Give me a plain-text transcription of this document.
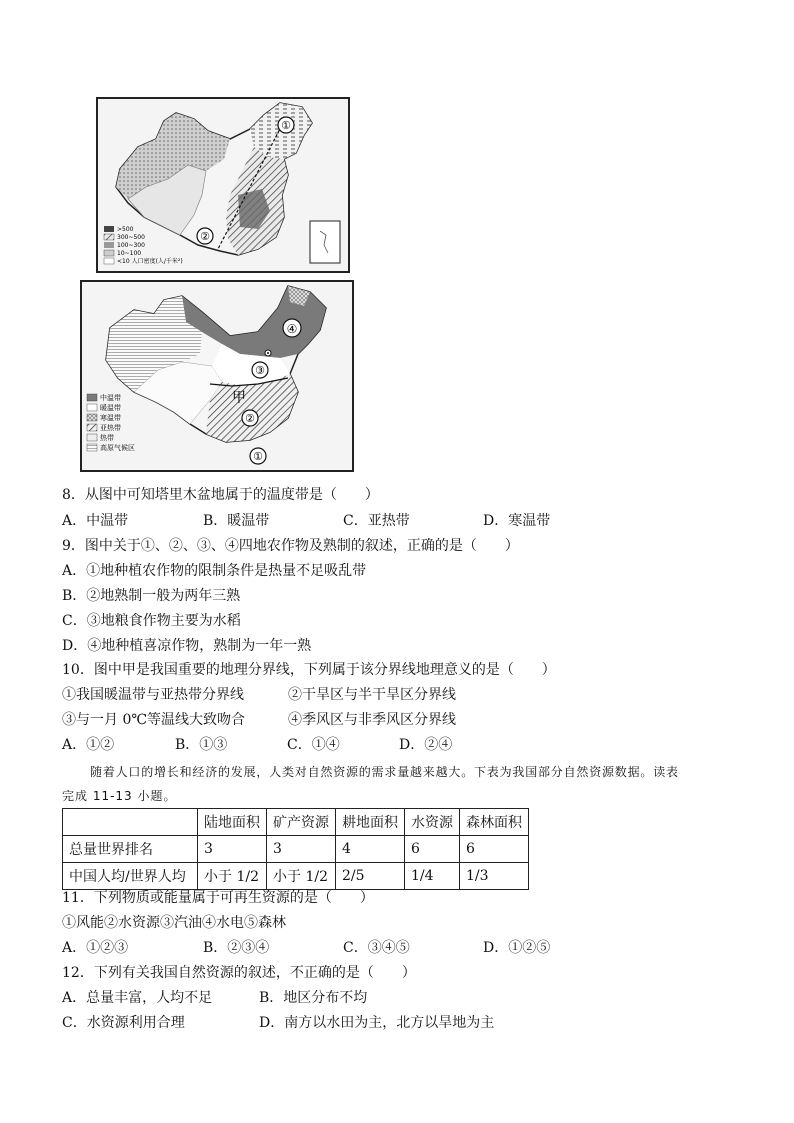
①
②
>500
300~500
100~300
10~100
<10 人口密度(人/千米²)
甲
④
③
②
①
中温带
暖温带
寒温带
亚热带
热带
高原气候区
8．从图中可知塔里木盆地属于的温度带是（　　）
A．中温带	B．暖温带	C．亚热带	D．寒温带
9．图中关于①、②、③、④四地农作物及熟制的叙述，正确的是（　　）
A．①地种植农作物的限制条件是热量不足吸乱带
B．②地熟制一般为两年三熟
C．③地粮食作物主要为水稻
D．④地种植喜凉作物，熟制为一年一熟
10．图中甲是我国重要的地理分界线，下列属于该分界线地理意义的是（　　）
①我国暖温带与亚热带分界线	②干旱区与半干旱区分界线
③与一月 0℃等温线大致吻合	④季风区与非季风区分界线
A．①②	B．①③	C．①④	D．②④
随着人口的增长和经济的发展，人类对自然资源的需求量越来越大。下表为我国部分自然资源数据。读表
完成 11-13 小题。
	陆地面积	矿产资源	耕地面积	水资源	森林面积
总量世界排名	3	3	4	6	6
中国人均/世界人均	小于 1/2	小于 1/2	2/5	1/4	1/3
11．下列物质或能量属于可再生资源的是（　　）
①风能②水资源③汽油④水电⑤森林
A．①②③	B．②③④	C．③④⑤	D．①②⑤
12．下列有关我国自然资源的叙述，不正确的是（　　）
A．总量丰富，人均不足	B．地区分布不均
C．水资源利用合理	D．南方以水田为主，北方以旱地为主
